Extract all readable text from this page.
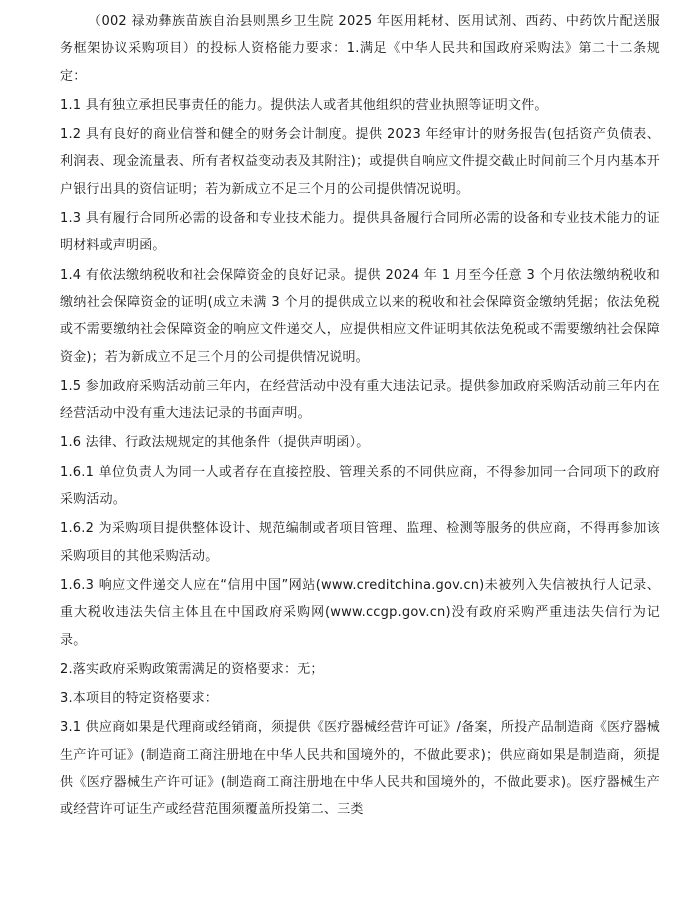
（002 禄劝彝族苗族自治县则黑乡卫生院 2025 年医用耗材、医用试剂、西药、中药饮片配送服务框架协议采购项目）的投标人资格能力要求：1.满足《中华人民共和国政府采购法》第二十二条规定：

1.1 具有独立承担民事责任的能力。提供法人或者其他组织的营业执照等证明文件。

1.2 具有良好的商业信誉和健全的财务会计制度。提供 2023 年经审计的财务报告(包括资产负债表、利润表、现金流量表、所有者权益变动表及其附注)；或提供自响应文件提交截止时间前三个月内基本开户银行出具的资信证明；若为新成立不足三个月的公司提供情况说明。

1.3 具有履行合同所必需的设备和专业技术能力。提供具备履行合同所必需的设备和专业技术能力的证明材料或声明函。

1.4 有依法缴纳税收和社会保障资金的良好记录。提供 2024 年 1 月至今任意 3 个月依法缴纳税收和缴纳社会保障资金的证明(成立未满 3 个月的提供成立以来的税收和社会保障资金缴纳凭据；依法免税或不需要缴纳社会保障资金的响应文件递交人，应提供相应文件证明其依法免税或不需要缴纳社会保障资金)；若为新成立不足三个月的公司提供情况说明。

1.5 参加政府采购活动前三年内，在经营活动中没有重大违法记录。提供参加政府采购活动前三年内在经营活动中没有重大违法记录的书面声明。

1.6 法律、行政法规规定的其他条件（提供声明函）。

1.6.1 单位负责人为同一人或者存在直接控股、管理关系的不同供应商，不得参加同一合同项下的政府采购活动。

1.6.2 为采购项目提供整体设计、规范编制或者项目管理、监理、检测等服务的供应商，不得再参加该采购项目的其他采购活动。

1.6.3 响应文件递交人应在“信用中国”网站(www.creditchina.gov.cn)未被列入失信被执行人记录、重大税收违法失信主体且在中国政府采购网(www.ccgp.gov.cn)没有政府采购严重违法失信行为记录。

2.落实政府采购政策需满足的资格要求：无；

3.本项目的特定资格要求：

3.1 供应商如果是代理商或经销商，须提供《医疗器械经营许可证》/备案，所投产品制造商《医疗器械生产许可证》(制造商工商注册地在中华人民共和国境外的，不做此要求)；供应商如果是制造商，须提供《医疗器械生产许可证》(制造商工商注册地在中华人民共和国境外的，不做此要求)。医疗器械生产或经营许可证生产或经营范围须覆盖所投第二、三类
